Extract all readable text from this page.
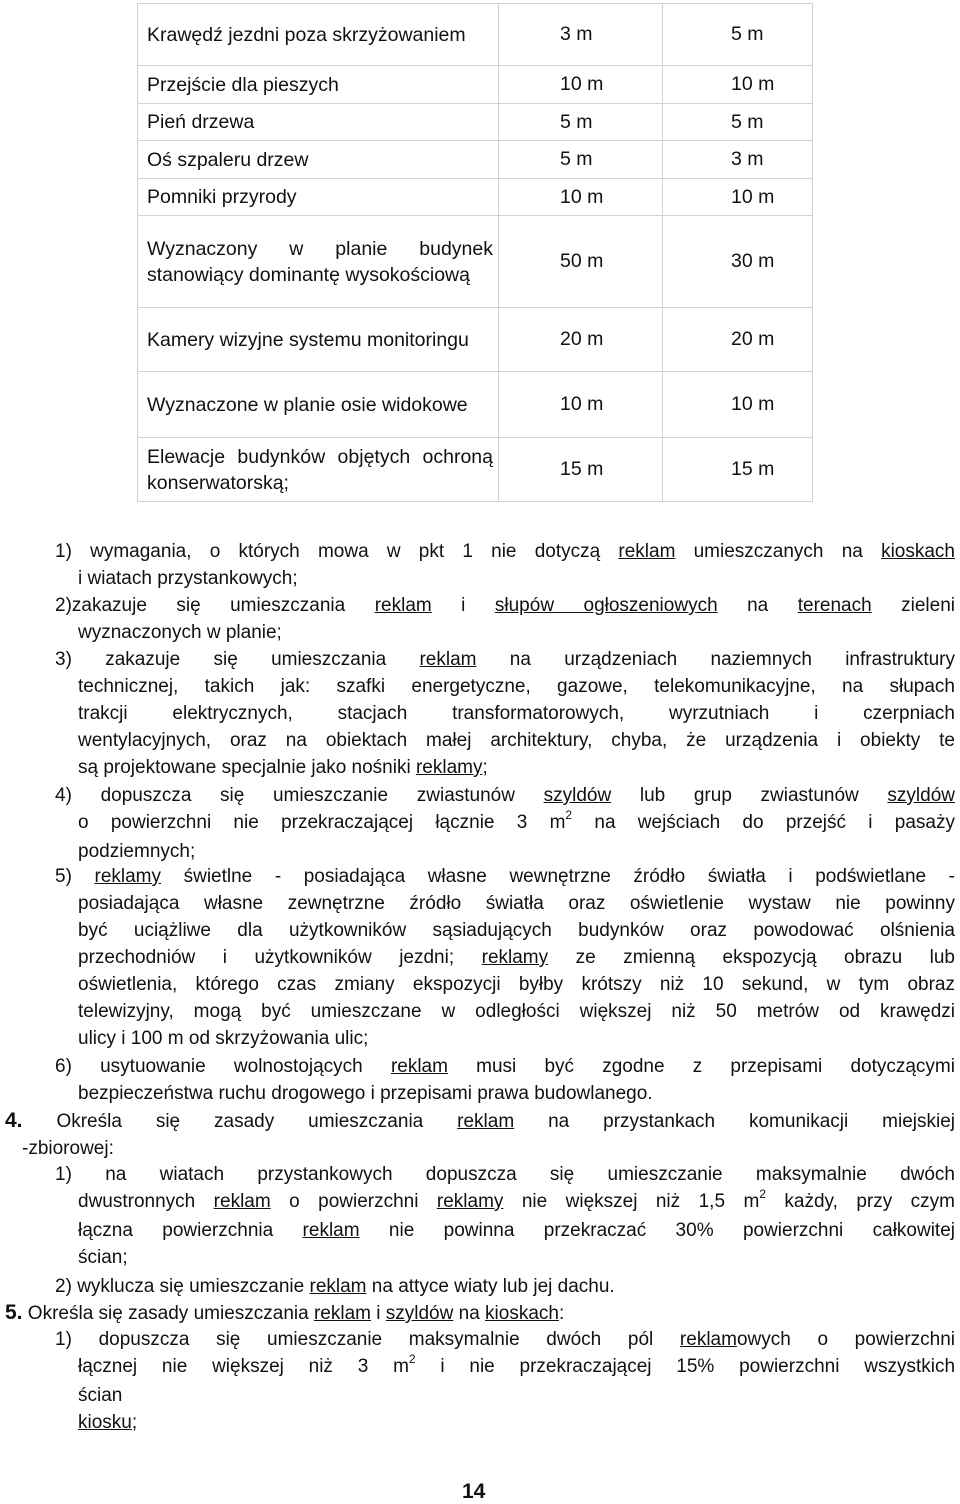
Krawędź jezdni poza skrzyżowaniem	3 m	5 m
Przejście dla pieszych	10 m	10 m
Pień drzewa	5 m	5 m
Oś szpaleru drzew	5 m	3 m
Pomniki przyrody	10 m	10 m
Wyznaczony w planie budynek stanowiący dominantę wysokościową	50 m	30 m
Kamery wizyjne systemu monitoringu	20 m	20 m
Wyznaczone w planie osie widokowe	10 m	10 m
Elewacje budynków objętych ochroną konserwatorską;	15 m	15 m
1) wymagania, o których mowa w pkt 1 nie dotyczą reklam umieszczanych na kioskach
i wiatach przystankowych;
2)zakazuje się umieszczania reklam i słupów ogłoszeniowych na terenach zieleni
wyznaczonych w planie;
3) zakazuje się umieszczania reklam na urządzeniach naziemnych infrastruktury
technicznej, takich jak: szafki energetyczne, gazowe, telekomunikacyjne, na słupach
trakcji elektrycznych, stacjach transformatorowych, wyrzutniach i czerpniach
wentylacyjnych, oraz na obiektach małej architektury, chyba, że urządzenia i obiekty te
są projektowane specjalnie jako nośniki reklamy;
4) dopuszcza się umieszczanie zwiastunów szyldów lub grup zwiastunów szyldów
o powierzchni nie przekraczającej łącznie 3 $m^2$ na wejściach do przejść i pasaży
podziemnych;
5) reklamy świetlne - posiadająca własne wewnętrzne źródło światła i podświetlane -
posiadająca własne zewnętrzne źródło światła oraz oświetlenie wystaw nie powinny
być uciążliwe dla użytkowników sąsiadujących budynków oraz powodować olśnienia
przechodniów i użytkowników jezdni; reklamy ze zmienną ekspozycją obrazu lub
oświetlenia, którego czas zmiany ekspozycji byłby krótszy niż 10 sekund, w tym obraz
telewizyjny, mogą być umieszczane w odległości większej niż 50 metrów od krawędzi
ulicy i 100 m od skrzyżowania ulic;
6) usytuowanie wolnostojących reklam musi być zgodne z przepisami dotyczącymi
bezpieczeństwa ruchu drogowego i przepisami prawa budowlanego.
4. Określa się zasady umieszczania reklam na przystankach komunikacji miejskiej
-zbiorowej:
1) na wiatach przystankowych dopuszcza się umieszczanie maksymalnie dwóch
dwustronnych reklam o powierzchni reklamy nie większej niż 1,5 $m^2$ każdy, przy czym
łączna powierzchnia reklam nie powinna przekraczać 30% powierzchni całkowitej
ścian;
2) wyklucza się umieszczanie reklam na attyce wiaty lub jej dachu.
5. Określa się zasady umieszczania reklam i szyldów na kioskach:
1) dopuszcza się umieszczanie maksymalnie dwóch pól reklamowych o powierzchni
łącznej nie większej niż 3 $m^2$ i nie przekraczającej 15% powierzchni wszystkich
ścian
kiosku;
14
